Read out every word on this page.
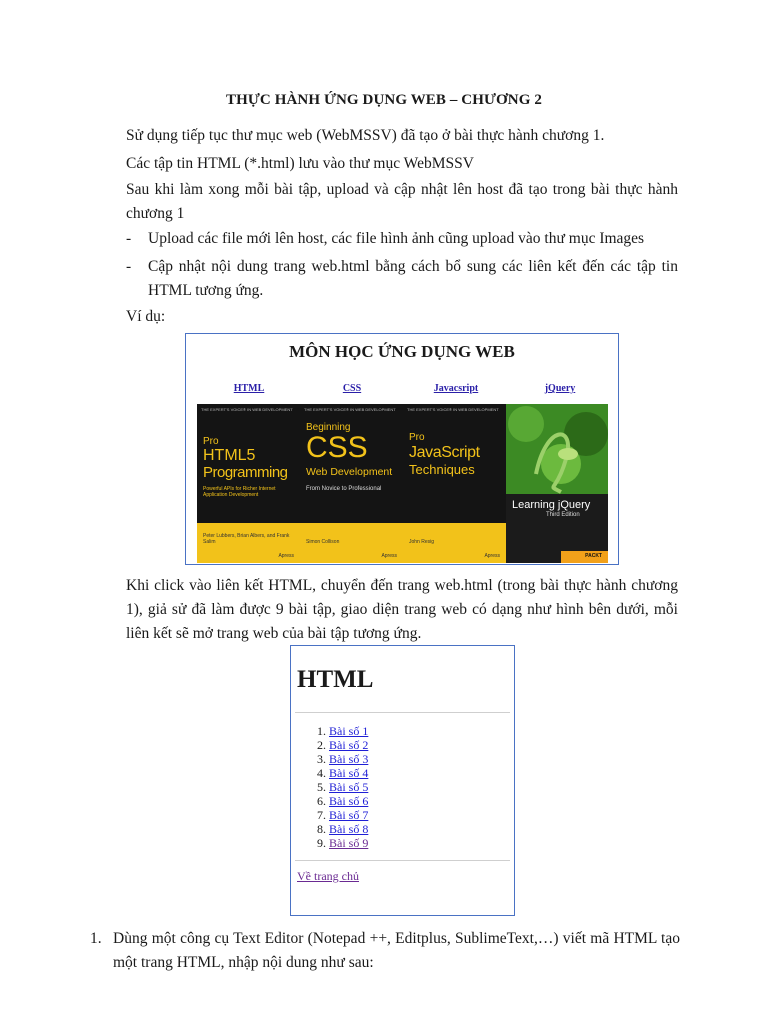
THỰC HÀNH ỨNG DỤNG WEB – CHƯƠNG 2
Sử dụng tiếp tục thư mục web (WebMSSV) đã tạo ở bài thực hành chương 1.
Các tập tin HTML (*.html) lưu vào thư mục WebMSSV
Sau khi làm xong mỗi bài tập, upload và cập nhật lên host đã tạo trong bài thực hành chương 1
- Upload các file mới lên host, các file hình ảnh cũng upload vào thư mục Images
- Cập nhật nội dung trang web.html bằng cách bổ sung các liên kết đến các tập tin HTML tương ứng.
Ví dụ:
MÔN HỌC ỨNG DỤNG WEB
HTML	CSS	Javacsript	jQuery
THE EXPERT'S VOICE® IN WEB DEVELOPMENT
Pro
HTML5
Programming
Powerful APIs for Richer Internet Application Development
Peter Lubbers, Brian Albers, and Frank Salim
Apress
THE EXPERT'S VOICE® IN WEB DEVELOPMENT
Beginning
CSS
Web Development
From Novice to Professional
Simon Collison
Apress
THE EXPERT'S VOICE® IN WEB DEVELOPMENT
Pro
JavaScript
Techniques
John Resig
Apress
Learning jQuery
Third Edition
PACKT
Khi click vào liên kết HTML, chuyển đến trang web.html (trong bài thực hành chương 1), giả sử đã làm được 9 bài tập, giao diện trang web có dạng như hình bên dưới, mỗi liên kết sẽ mở trang web của bài tập tương ứng.
HTML
1. Bài số 1
2. Bài số 2
3. Bài số 3
4. Bài số 4
5. Bài số 5
6. Bài số 6
7. Bài số 7
8. Bài số 8
9. Bài số 9
Về trang chủ
1. Dùng một công cụ Text Editor (Notepad ++, Editplus, SublimeText,…) viết mã HTML tạo một trang HTML, nhập nội dung như sau:
